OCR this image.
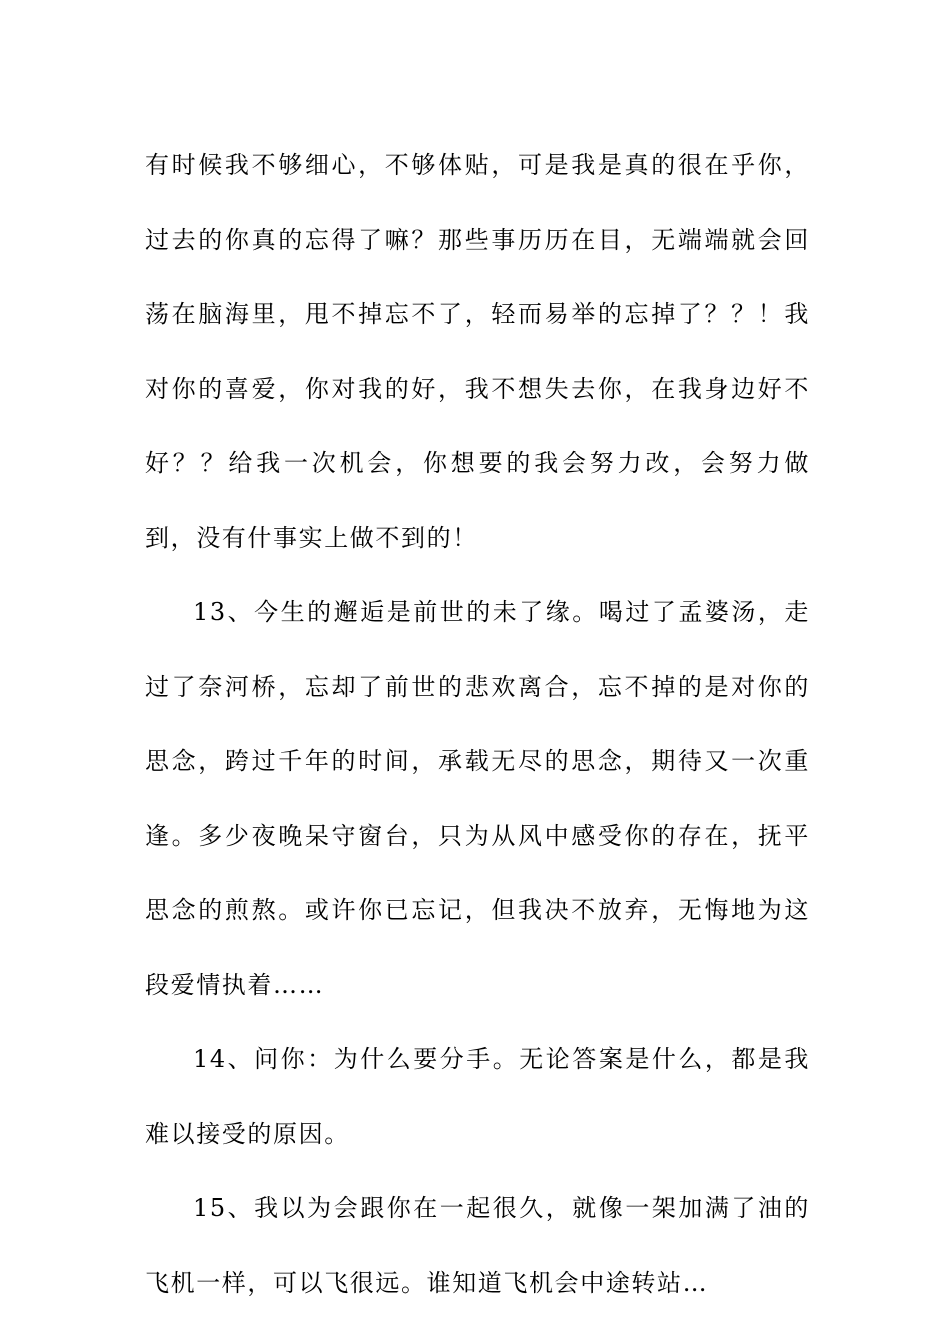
有时候我不够细心，不够体贴，可是我是真的很在乎你，过去的你真的忘得了嘛？那些事历历在目，无端端就会回荡在脑海里，甩不掉忘不了，轻而易举的忘掉了？？！我对你的喜爱，你对我的好，我不想失去你，在我身边好不好？？给我一次机会，你想要的我会努力改，会努力做到，没有什事实上做不到的！

13、今生的邂逅是前世的未了缘。喝过了孟婆汤，走过了奈河桥，忘却了前世的悲欢离合，忘不掉的是对你的思念，跨过千年的时间，承载无尽的思念，期待又一次重逢。多少夜晚呆守窗台，只为从风中感受你的存在，抚平思念的煎熬。或许你已忘记，但我决不放弃，无悔地为这段爱情执着……

14、问你：为什么要分手。无论答案是什么，都是我难以接受的原因。

15、我以为会跟你在一起很久，就像一架加满了油的飞机一样，可以飞很远。谁知道飞机会中途转站…
